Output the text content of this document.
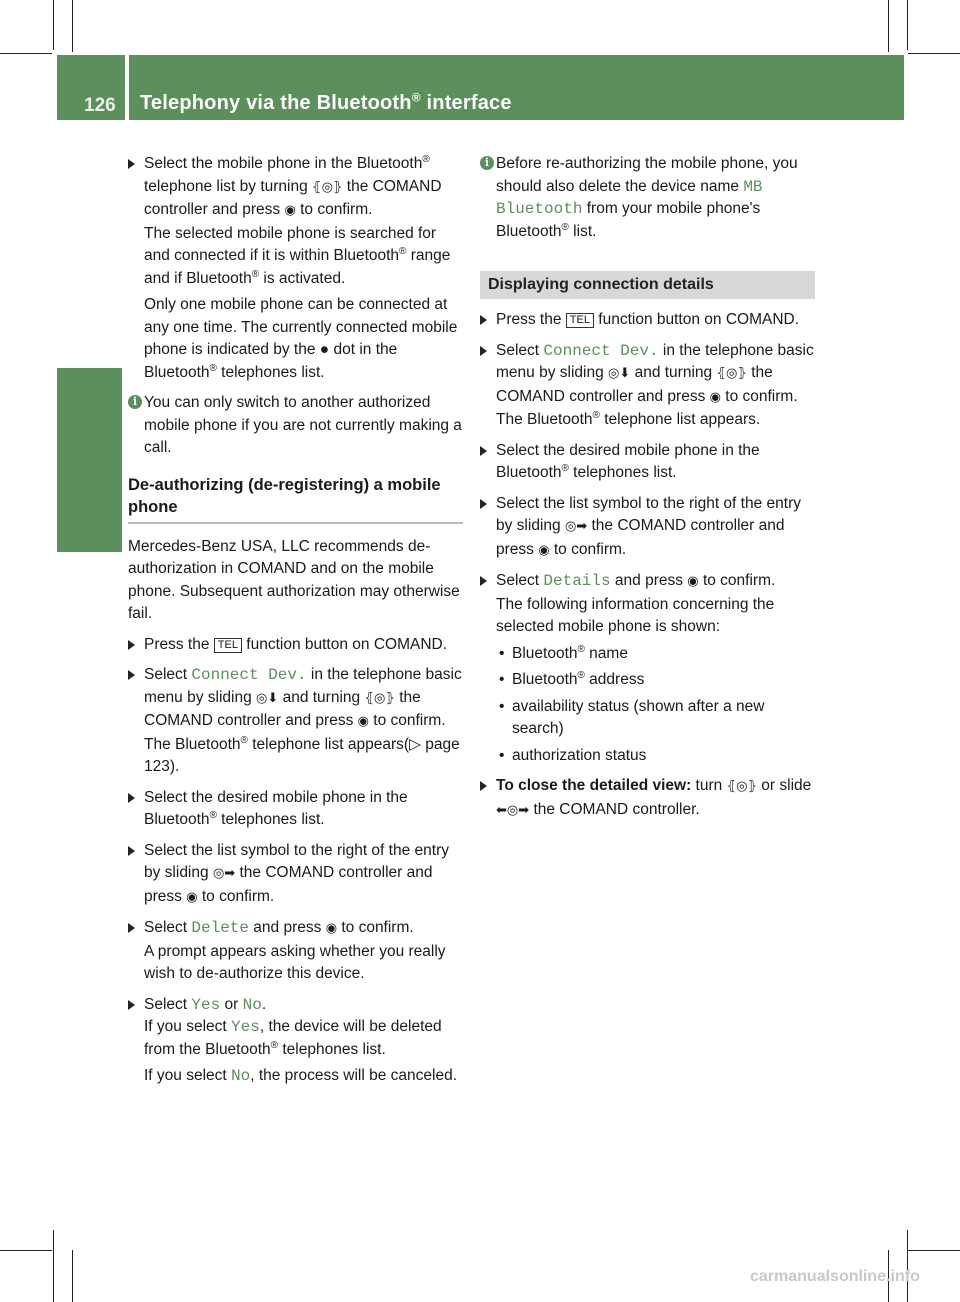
126 Telephony via the Bluetooth® interface
Telephone
Select the mobile phone in the Bluetooth® telephone list by turning ⦃◎⦄ the COMAND controller and press ◉ to confirm.
The selected mobile phone is searched for and connected if it is within Bluetooth® range and if Bluetooth® is activated.
Only one mobile phone can be connected at any one time. The currently connected mobile phone is indicated by the ● dot in the Bluetooth® telephones list.
i You can only switch to another authorized mobile phone if you are not currently making a call.
De-authorizing (de-registering) a mobile phone
Mercedes-Benz USA, LLC recommends de-authorization in COMAND and on the mobile phone. Subsequent authorization may otherwise fail.
Press the TEL function button on COMAND.
Select Connect Dev. in the telephone basic menu by sliding ◎⬇ and turning ⦃◎⦄ the COMAND controller and press ◉ to confirm.
The Bluetooth® telephone list appears(▷ page 123).
Select the desired mobile phone in the Bluetooth® telephones list.
Select the list symbol to the right of the entry by sliding ◎➡ the COMAND controller and press ◉ to confirm.
Select Delete and press ◉ to confirm.
A prompt appears asking whether you really wish to de-authorize this device.
Select Yes or No.
If you select Yes, the device will be deleted from the Bluetooth® telephones list.
If you select No, the process will be canceled.
i Before re-authorizing the mobile phone, you should also delete the device name MB Bluetooth from your mobile phone's Bluetooth® list.
Displaying connection details
Press the TEL function button on COMAND.
Select Connect Dev. in the telephone basic menu by sliding ◎⬇ and turning ⦃◎⦄ the COMAND controller and press ◉ to confirm.
The Bluetooth® telephone list appears.
Select the desired mobile phone in the Bluetooth® telephones list.
Select the list symbol to the right of the entry by sliding ◎➡ the COMAND controller and press ◉ to confirm.
Select Details and press ◉ to confirm.
The following information concerning the selected mobile phone is shown:
• Bluetooth® name
• Bluetooth® address
• availability status (shown after a new search)
• authorization status
To close the detailed view: turn ⦃◎⦄ or slide ⬅◎➡ the COMAND controller.
carmanualsonline.info
